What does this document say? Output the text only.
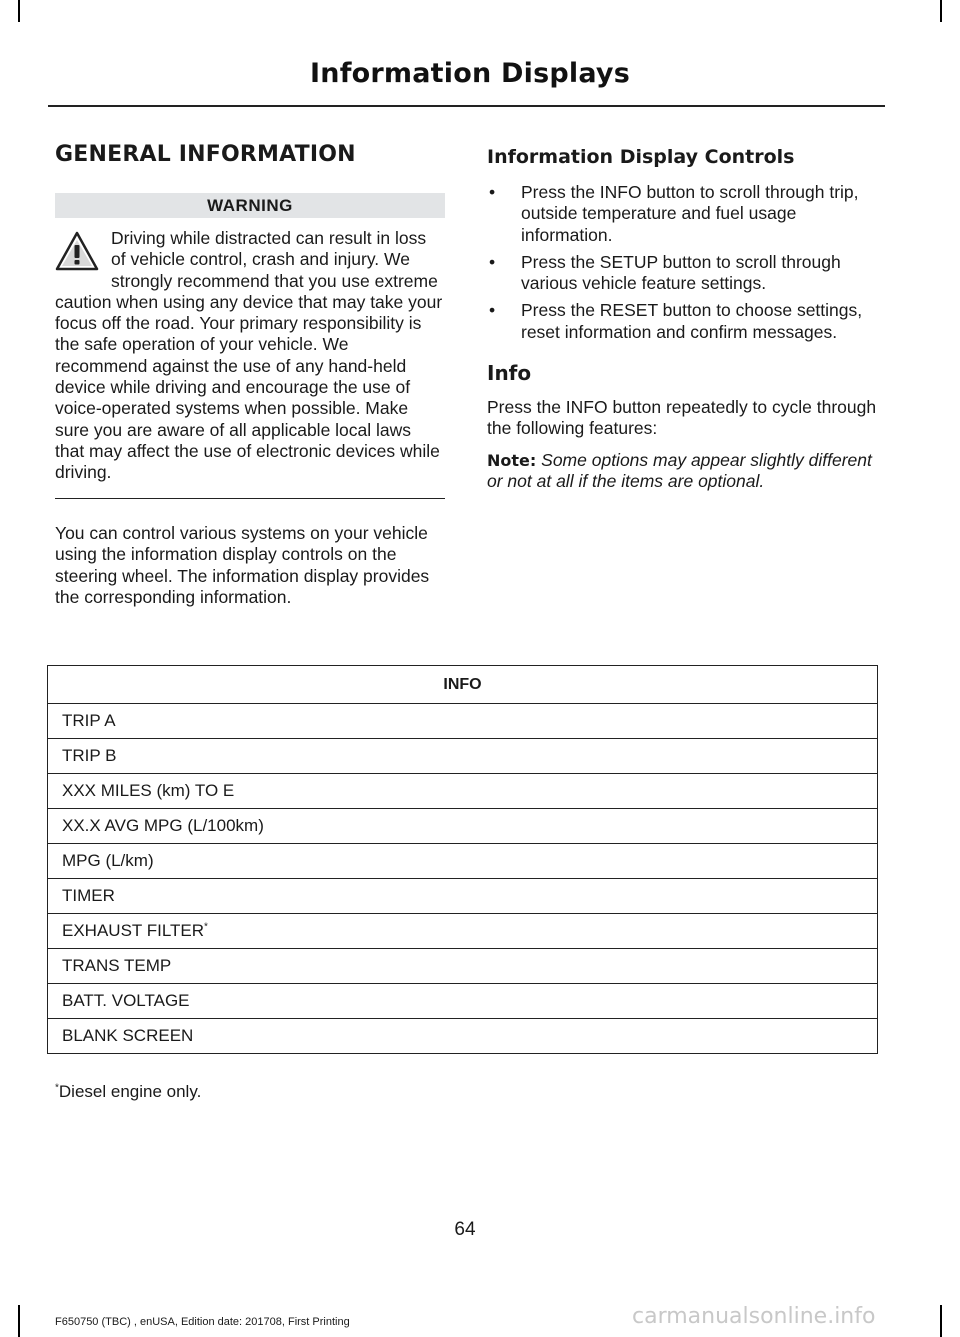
Information Displays
GENERAL INFORMATION
WARNING
Driving while distracted can result in loss of vehicle control, crash and injury. We strongly recommend that you use extreme caution when using any device that may take your focus off the road. Your primary responsibility is the safe operation of your vehicle. We recommend against the use of any hand-held device while driving and encourage the use of voice-operated systems when possible. Make sure you are aware of all applicable local laws that may affect the use of electronic devices while driving.

You can control various systems on your vehicle using the information display controls on the steering wheel. The information display provides the corresponding information.

Information Display Controls
• Press the INFO button to scroll through trip, outside temperature and fuel usage information.
• Press the SETUP button to scroll through various vehicle feature settings.
• Press the RESET button to choose settings, reset information and confirm messages.
Info

Press the INFO button repeatedly to cycle through the following features:

Note: Some options may appear slightly different or not at all if the items are optional.

INFO
TRIP A
TRIP B
XXX MILES (km) TO E
XX.X AVG MPG (L/100km)
MPG (L/km)
TIMER
EXHAUST FILTER*
TRANS TEMP
BATT. VOLTAGE
BLANK SCREEN
*Diesel engine only.
64
F650750 (TBC) , enUSA, Edition date: 201708, First Printing	carmanualsonline.info
